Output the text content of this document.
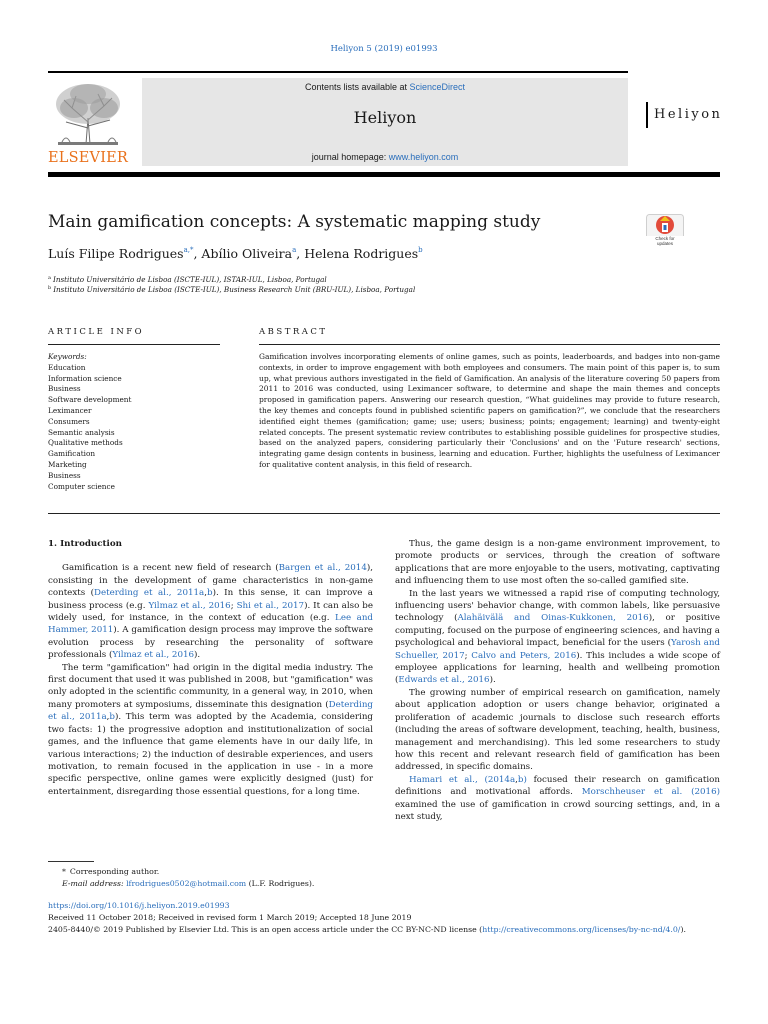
Heliyon 5 (2019) e01993
ELSEVIER
Contents lists available at ScienceDirect
Heliyon
journal homepage: www.heliyon.com
Heliyon
Main gamification concepts: A systematic mapping study
Check for
updates
Luís Filipe Rodrigues$^{a,*}$, Abílio Oliveira$^a$, Helena Rodrigues$^b$
$^a$ Instituto Universitário de Lisboa (ISCTE-IUL), ISTAR-IUL, Lisboa, Portugal
$^b$ Instituto Universitário de Lisboa (ISCTE-IUL), Business Research Unit (BRU-IUL), Lisboa, Portugal
ARTICLE INFO	ABSTRACT
Keywords:
Education
Information science
Business
Software development
Leximancer
Consumers
Semantic analysis
Qualitative methods
Gamification
Marketing
Business
Computer science
Gamification involves incorporating elements of online games, such as points, leaderboards, and badges into non-game contexts, in order to improve engagement with both employees and consumers. The main point of this paper is, to sum up, what previous authors investigated in the field of Gamification. An analysis of the literature covering 50 papers from 2011 to 2016 was conducted, using Leximancer software, to determine and shape the main themes and concepts proposed in gamification papers. Answering our research question, “What guidelines may provide to future research, the key themes and concepts found in published scientific papers on gamification?”, we conclude that the researchers identified eight themes (gamification; game; use; users; business; points; engagement; learning) and twenty-eight related concepts. The present systematic review contributes to establishing possible guidelines for prospective studies, based on the analyzed papers, considering particularly their 'Conclusions' and on the 'Future research' sections, integrating game design contents in business, learning and education. Further, highlights the usefulness of Leximancer for qualitative content analysis, in this field of research.
1. Introduction

Gamification is a recent new field of research (Bargen et al., 2014), consisting in the development of game characteristics in non-game contexts (Deterding et al., 2011a,b). In this sense, it can improve a business process (e.g. Yilmaz et al., 2016; Shi et al., 2017). It can also be widely used, for instance, in the context of education (e.g. Lee and Hammer, 2011). A gamification design process may improve the software evolution process by researching the personality of software professionals (Yilmaz et al., 2016).

The term "gamification" had origin in the digital media industry. The first document that used it was published in 2008, but "gamification" was only adopted in the scientific community, in a general way, in 2010, when many promoters at symposiums, disseminate this designation (Deterding et al., 2011a,b). This term was adopted by the Academia, considering two facts: 1) the progressive adoption and institutionalization of social games, and the influence that game elements have in our daily life, in various interactions; 2) the induction of desirable experiences, and users motivation, to remain focused in the application in use - in a more specific perspective, online games were explicitly designed (just) for entertainment, disregarding those essential questions, for a long time.

Thus, the game design is a non-game environment improvement, to promote products or services, through the creation of software applications that are more enjoyable to the users, motivating, captivating and influencing them to use most often the so-called gamified site.

In the last years we witnessed a rapid rise of computing technology, influencing users' behavior change, with common labels, like persuasive technology (Alahäivälä and Oinas-Kukkonen, 2016), or positive computing, focused on the purpose of engineering sciences, and having a psychological and behavioral impact, beneficial for the users (Yarosh and Schueller, 2017; Calvo and Peters, 2016). This includes a wide scope of employee applications for learning, health and wellbeing promotion (Edwards et al., 2016).

The growing number of empirical research on gamification, namely about application adoption or users change behavior, originated a proliferation of academic journals to disclose such research efforts (including the areas of software development, teaching, health, business, management and merchandising). This led some researchers to study how this recent and relevant research field of gamification has been addressed, in specific domains.

Hamari et al., (2014a,b) focused their research on gamification definitions and motivational affords. Morschheuser et al. (2016) examined the use of gamification in crowd sourcing settings, and, in a next study,

* Corresponding author.
E-mail address: lfrodrigues0502@hotmail.com (L.F. Rodrigues).
https://doi.org/10.1016/j.heliyon.2019.e01993
Received 11 October 2018; Received in revised form 1 March 2019; Accepted 18 June 2019
2405-8440/© 2019 Published by Elsevier Ltd. This is an open access article under the CC BY-NC-ND license (http://creativecommons.org/licenses/by-nc-nd/4.0/).
